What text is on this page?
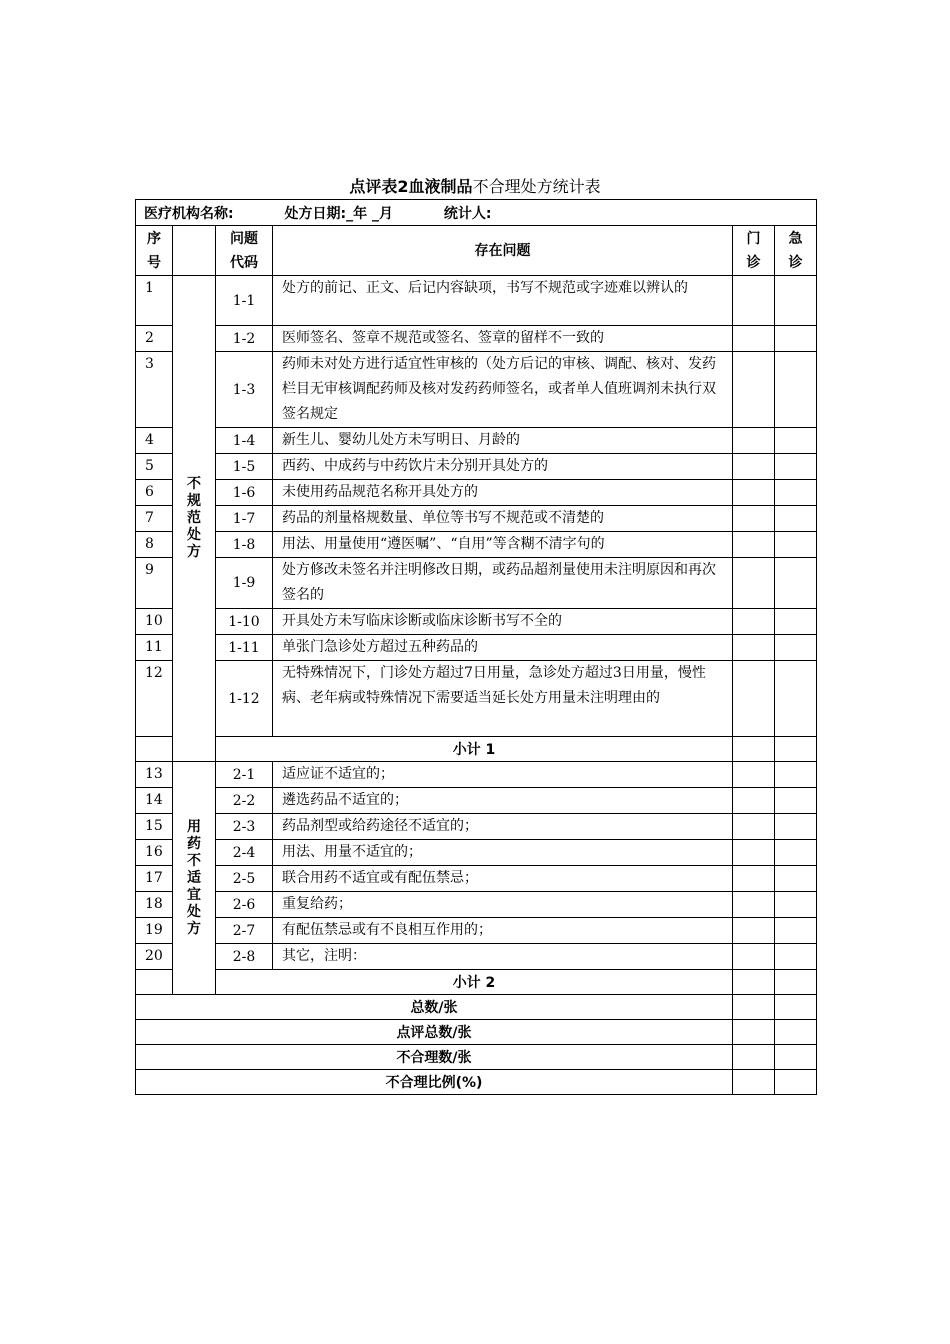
点评表2血液制品不合理处方统计表
医疗机构名称: 处方日期:_年 _月 统计人:					

序号		问题代码	存在问题	门诊	急诊

1	不规范处方	1-1	处方的前记、正文、后记内容缺项，书写不规范或字迹难以辨认的		
2		1-2	医师签名、签章不规范或签名、签章的留样不一致的		
3		1-3	药师未对处方进行适宜性审核的（处方后记的审核、调配、核对、发药栏目无审核调配药师及核对发药药师签名，或者单人值班调剂未执行双签名规定		
4		1-4	新生儿、婴幼儿处方未写明日、月龄的		
5		1-5	西药、中成药与中药饮片未分别开具处方的		
6		1-6	未使用药品规范名称开具处方的		
7		1-7	药品的剂量格规数量、单位等书写不规范或不清楚的		
8		1-8	用法、用量使用“遵医嘱”、“自用”等含糊不清字句的		
9		1-9	处方修改未签名并注明修改日期，或药品超剂量使用未注明原因和再次签名的		
10		1-10	开具处方未写临床诊断或临床诊断书写不全的		
11		1-11	单张门急诊处方超过五种药品的		
12		1-12	无特殊情况下，门诊处方超过7日用量，急诊处方超过3日用量，慢性病、老年病或特殊情况下需要适当延长处方用量未注明理由的		
		小计 1			
13	用药不适宜处方	2-1	适应证不适宜的；		
14		2-2	遴选药品不适宜的；		
15		2-3	药品剂型或给药途径不适宜的；		
16		2-4	用法、用量不适宜的；		
17		2-5	联合用药不适宜或有配伍禁忌；		
18		2-6	重复给药；		
19		2-7	有配伍禁忌或有不良相互作用的；		
20		2-8	其它，注明：		
		小计 2			
总数/张					
点评总数/张					
不合理数/张					
不合理比例(%)					
